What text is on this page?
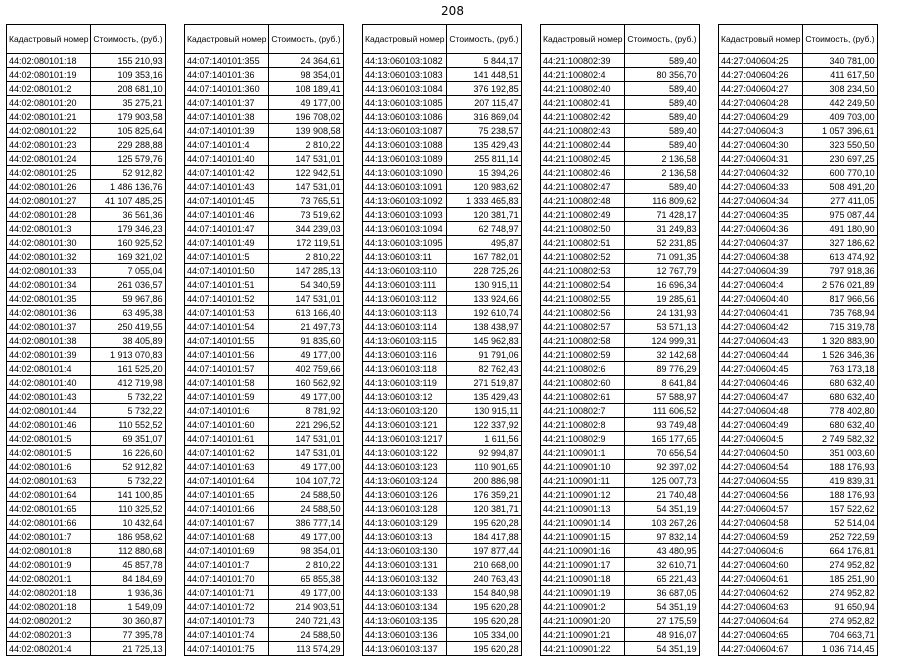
208
Кадастровый номер	Стоимость, (руб.)
44:02:080101:18	155 210,93
44:02:080101:19	109 353,16
44:02:080101:2	208 681,10
44:02:080101:20	35 275,21
44:02:080101:21	179 903,58
44:02:080101:22	105 825,64
44:02:080101:23	229 288,88
44:02:080101:24	125 579,76
44:02:080101:25	52 912,82
44:02:080101:26	1 486 136,76
44:02:080101:27	41 107 485,25
44:02:080101:28	36 561,36
44:02:080101:3	179 346,23
44:02:080101:30	160 925,52
44:02:080101:32	169 321,02
44:02:080101:33	7 055,04
44:02:080101:34	261 036,57
44:02:080101:35	59 967,86
44:02:080101:36	63 495,38
44:02:080101:37	250 419,55
44:02:080101:38	38 405,89
44:02:080101:39	1 913 070,83
44:02:080101:4	161 525,20
44:02:080101:40	412 719,98
44:02:080101:43	5 732,22
44:02:080101:44	5 732,22
44:02:080101:46	110 552,52
44:02:080101:5	69 351,07
44:02:080101:5	16 226,60
44:02:080101:6	52 912,82
44:02:080101:63	5 732,22
44:02:080101:64	141 100,85
44:02:080101:65	110 325,52
44:02:080101:66	10 432,64
44:02:080101:7	186 958,62
44:02:080101:8	112 880,68
44:02:080101:9	45 857,78
44:02:080201:1	84 184,69
44:02:080201:18	1 936,36
44:02:080201:18	1 549,09
44:02:080201:2	30 360,87
44:02:080201:3	77 395,78
44:02:080201:4	21 725,13
Кадастровый номер	Стоимость, (руб.)
44:07:140101:355	24 364,61
44:07:140101:36	98 354,01
44:07:140101:360	108 189,41
44:07:140101:37	49 177,00
44:07:140101:38	196 708,02
44:07:140101:39	139 908,58
44:07:140101:4	2 810,22
44:07:140101:40	147 531,01
44:07:140101:42	122 942,51
44:07:140101:43	147 531,01
44:07:140101:45	73 765,51
44:07:140101:46	73 519,62
44:07:140101:47	344 239,03
44:07:140101:49	172 119,51
44:07:140101:5	2 810,22
44:07:140101:50	147 285,13
44:07:140101:51	54 340,59
44:07:140101:52	147 531,01
44:07:140101:53	613 166,40
44:07:140101:54	21 497,73
44:07:140101:55	91 835,60
44:07:140101:56	49 177,00
44:07:140101:57	402 759,66
44:07:140101:58	160 562,92
44:07:140101:59	49 177,00
44:07:140101:6	8 781,92
44:07:140101:60	221 296,52
44:07:140101:61	147 531,01
44:07:140101:62	147 531,01
44:07:140101:63	49 177,00
44:07:140101:64	104 107,72
44:07:140101:65	24 588,50
44:07:140101:66	24 588,50
44:07:140101:67	386 777,14
44:07:140101:68	49 177,00
44:07:140101:69	98 354,01
44:07:140101:7	2 810,22
44:07:140101:70	65 855,38
44:07:140101:71	49 177,00
44:07:140101:72	214 903,51
44:07:140101:73	240 721,43
44:07:140101:74	24 588,50
44:07:140101:75	113 574,29
Кадастровый номер	Стоимость, (руб.)
44:13:060103:1082	5 844,17
44:13:060103:1083	141 448,51
44:13:060103:1084	376 192,85
44:13:060103:1085	207 115,47
44:13:060103:1086	316 869,04
44:13:060103:1087	75 238,57
44:13:060103:1088	135 429,43
44:13:060103:1089	255 811,14
44:13:060103:1090	15 394,26
44:13:060103:1091	120 983,62
44:13:060103:1092	1 333 465,83
44:13:060103:1093	120 381,71
44:13:060103:1094	62 748,97
44:13:060103:1095	495,87
44:13:060103:11	167 782,01
44:13:060103:110	228 725,26
44:13:060103:111	130 915,11
44:13:060103:112	133 924,66
44:13:060103:113	192 610,74
44:13:060103:114	138 438,97
44:13:060103:115	145 962,83
44:13:060103:116	91 791,06
44:13:060103:118	82 762,43
44:13:060103:119	271 519,87
44:13:060103:12	135 429,43
44:13:060103:120	130 915,11
44:13:060103:121	122 337,92
44:13:060103:1217	1 611,56
44:13:060103:122	92 994,87
44:13:060103:123	110 901,65
44:13:060103:124	200 886,98
44:13:060103:126	176 359,21
44:13:060103:128	120 381,71
44:13:060103:129	195 620,28
44:13:060103:13	184 417,88
44:13:060103:130	197 877,44
44:13:060103:131	210 668,00
44:13:060103:132	240 763,43
44:13:060103:133	154 840,98
44:13:060103:134	195 620,28
44:13:060103:135	195 620,28
44:13:060103:136	105 334,00
44:13:060103:137	195 620,28
Кадастровый номер	Стоимость, (руб.)
44:21:100802:39	589,40
44:21:100802:4	80 356,70
44:21:100802:40	589,40
44:21:100802:41	589,40
44:21:100802:42	589,40
44:21:100802:43	589,40
44:21:100802:44	589,40
44:21:100802:45	2 136,58
44:21:100802:46	2 136,58
44:21:100802:47	589,40
44:21:100802:48	116 809,62
44:21:100802:49	71 428,17
44:21:100802:50	31 249,83
44:21:100802:51	52 231,85
44:21:100802:52	71 091,35
44:21:100802:53	12 767,79
44:21:100802:54	16 696,34
44:21:100802:55	19 285,61
44:21:100802:56	24 131,93
44:21:100802:57	53 571,13
44:21:100802:58	124 999,31
44:21:100802:59	32 142,68
44:21:100802:6	89 776,29
44:21:100802:60	8 641,84
44:21:100802:61	57 588,97
44:21:100802:7	111 606,52
44:21:100802:8	93 749,48
44:21:100802:9	165 177,65
44:21:100901:1	70 656,54
44:21:100901:10	92 397,02
44:21:100901:11	125 007,73
44:21:100901:12	21 740,48
44:21:100901:13	54 351,19
44:21:100901:14	103 267,26
44:21:100901:15	97 832,14
44:21:100901:16	43 480,95
44:21:100901:17	32 610,71
44:21:100901:18	65 221,43
44:21:100901:19	36 687,05
44:21:100901:2	54 351,19
44:21:100901:20	27 175,59
44:21:100901:21	48 916,07
44:21:100901:22	54 351,19
Кадастровый номер	Стоимость, (руб.)
44:27:040604:25	340 781,00
44:27:040604:26	411 617,50
44:27:040604:27	308 234,50
44:27:040604:28	442 249,50
44:27:040604:29	409 703,00
44:27:040604:3	1 057 396,61
44:27:040604:30	323 550,50
44:27:040604:31	230 697,25
44:27:040604:32	600 770,10
44:27:040604:33	508 491,20
44:27:040604:34	277 411,05
44:27:040604:35	975 087,44
44:27:040604:36	491 180,90
44:27:040604:37	327 186,62
44:27:040604:38	613 474,92
44:27:040604:39	797 918,36
44:27:040604:4	2 576 021,89
44:27:040604:40	817 966,56
44:27:040604:41	735 768,94
44:27:040604:42	715 319,78
44:27:040604:43	1 320 883,90
44:27:040604:44	1 526 346,36
44:27:040604:45	763 173,18
44:27:040604:46	680 632,40
44:27:040604:47	680 632,40
44:27:040604:48	778 402,80
44:27:040604:49	680 632,40
44:27:040604:5	2 749 582,32
44:27:040604:50	351 003,60
44:27:040604:54	188 176,93
44:27:040604:55	419 839,31
44:27:040604:56	188 176,93
44:27:040604:57	157 522,62
44:27:040604:58	52 514,04
44:27:040604:59	252 722,59
44:27:040604:6	664 176,81
44:27:040604:60	274 952,82
44:27:040604:61	185 251,90
44:27:040604:62	274 952,82
44:27:040604:63	91 650,94
44:27:040604:64	274 952,82
44:27:040604:65	704 663,71
44:27:040604:67	1 036 714,45
